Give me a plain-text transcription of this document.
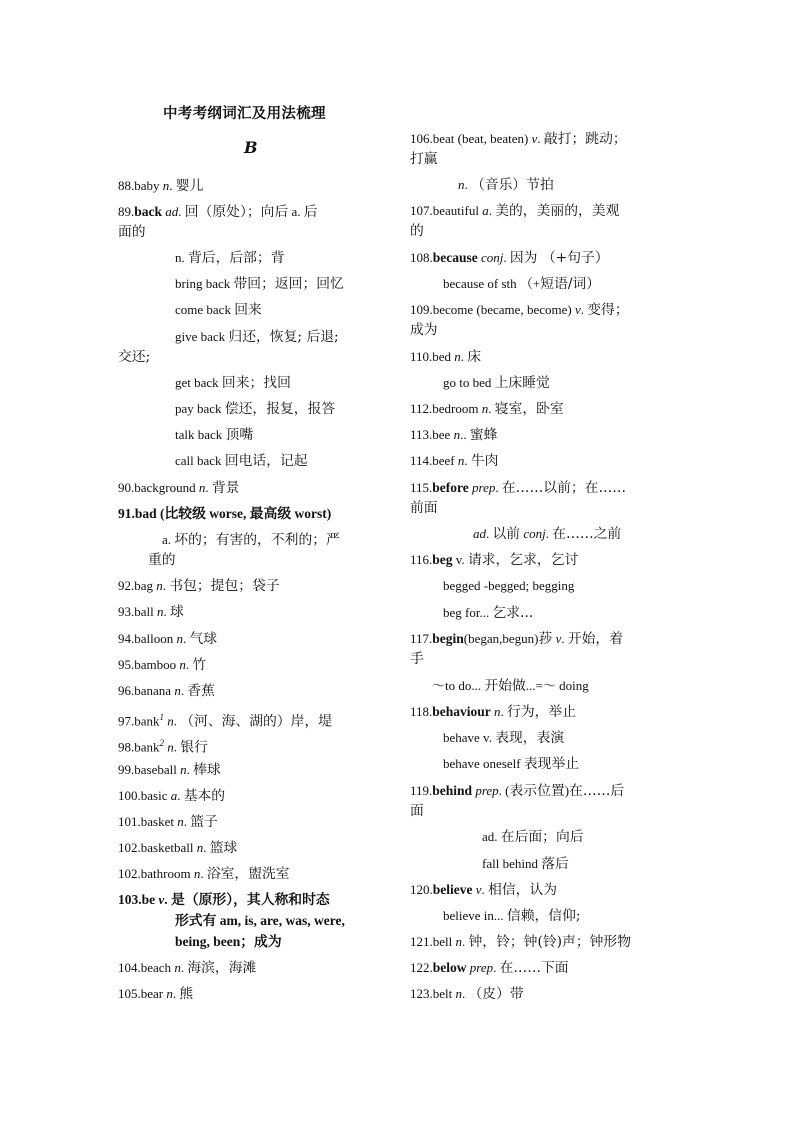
中考考纲词汇及用法梳理
B
88.baby n. 婴儿
89.back ad. 回（原处）；向后 a. 后
面的
n. 背后，后部；背
bring back 带回；返回；回忆
come back 回来
give back 归还，恢复; 后退;
交还;
get back 回来；找回
pay back 偿还，报复，报答
talk back 顶嘴
call back 回电话，记起
90.background n. 背景
91.bad (比较级 worse, 最高级 worst)
a. 坏的；有害的，不利的；严
重的
92.bag n. 书包；提包；袋子
93.ball n. 球
94.balloon n. 气球
95.bamboo n. 竹
96.banana n. 香蕉
97.bank$^1$ n. （河、海、湖的）岸，堤
98.bank$^2$ n. 银行
99.baseball n. 棒球
100.basic a. 基本的
101.basket n. 篮子
102.basketball n. 篮球
102.bathroom n. 浴室，盥洗室
103.be v. 是（原形），其人称和时态
形式有 am, is, are, was, were,
being, been；成为
104.beach n. 海滨，海滩
105.bear n. 熊
106.beat (beat, beaten) v. 敲打；跳动；
打赢
n. （音乐）节拍
107.beautiful a. 美的，美丽的，美观
的
108.because conj. 因为 （+句子）
because of sth （+短语/词）
109.become (became, become) v. 变得；
成为
110.bed n. 床
go to bed 上床睡觉
112.bedroom n. 寝室，卧室
113.bee n.. 蜜蜂
114.beef n. 牛肉
115.before prep. 在……以前；在……
前面
ad. 以前 conj. 在……之前
116.beg v. 请求，乞求，乞讨
begged -begged; begging
beg for... 乞求...
117.begin(began,begun)莏 v. 开始，着
手
～to do... 开始做...=～ doing
118.behaviour n. 行为，举止
behave v. 表现，表演
behave oneself 表现举止
119.behind prep. (表示位置)在……后
面
ad. 在后面；向后
fall behind 落后
120.believe v. 相信，认为
believe in... 信赖，信仰;
121.bell n. 钟，铃；钟(铃)声；钟形物
122.below prep. 在……下面
123.belt n. （皮）带
